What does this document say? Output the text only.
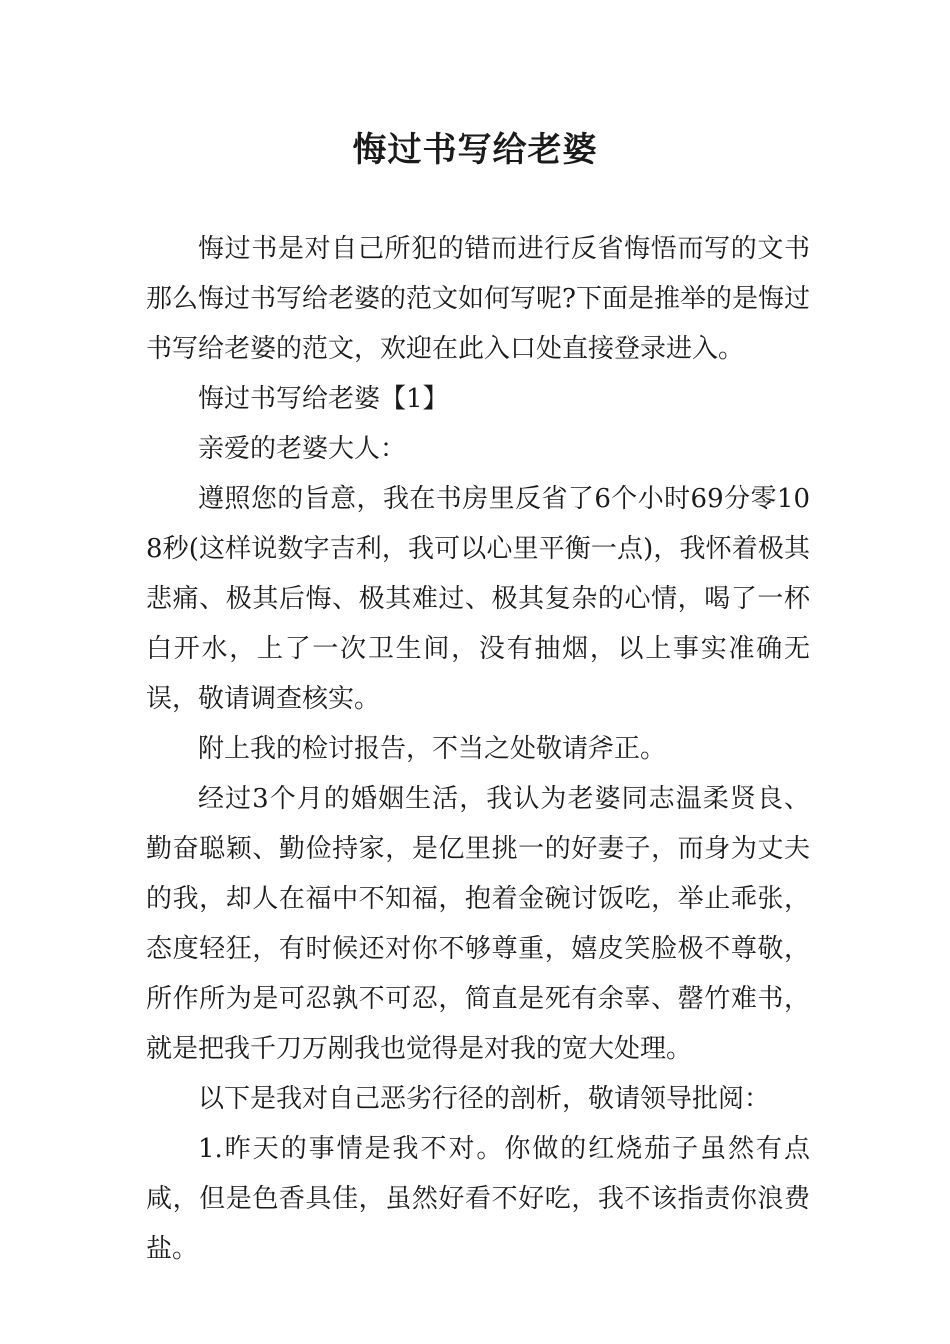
悔过书写给老婆

悔过书是对自己所犯的错而进行反省悔悟而写的文书那么悔过书写给老婆的范文如何写呢?下面是推举的是悔过书写给老婆的范文，欢迎在此入口处直接登录进入。

悔过书写给老婆【1】

亲爱的老婆大人：

遵照您的旨意，我在书房里反省了6个小时69分零108秒(这样说数字吉利，我可以心里平衡一点)，我怀着极其悲痛、极其后悔、极其难过、极其复杂的心情，喝了一杯白开水，上了一次卫生间，没有抽烟，以上事实准确无误，敬请调查核实。

附上我的检讨报告，不当之处敬请斧正。

经过3个月的婚姻生活，我认为老婆同志温柔贤良、勤奋聪颖、勤俭持家，是亿里挑一的好妻子，而身为丈夫的我，却人在福中不知福，抱着金碗讨饭吃，举止乖张，态度轻狂，有时候还对你不够尊重，嬉皮笑脸极不尊敬，所作所为是可忍孰不可忍，简直是死有余辜、罄竹难书，就是把我千刀万剐我也觉得是对我的宽大处理。

以下是我对自己恶劣行径的剖析，敬请领导批阅：

1.昨天的事情是我不对。你做的红烧茄子虽然有点咸，但是色香具佳，虽然好看不好吃，我不该指责你浪费盐。
